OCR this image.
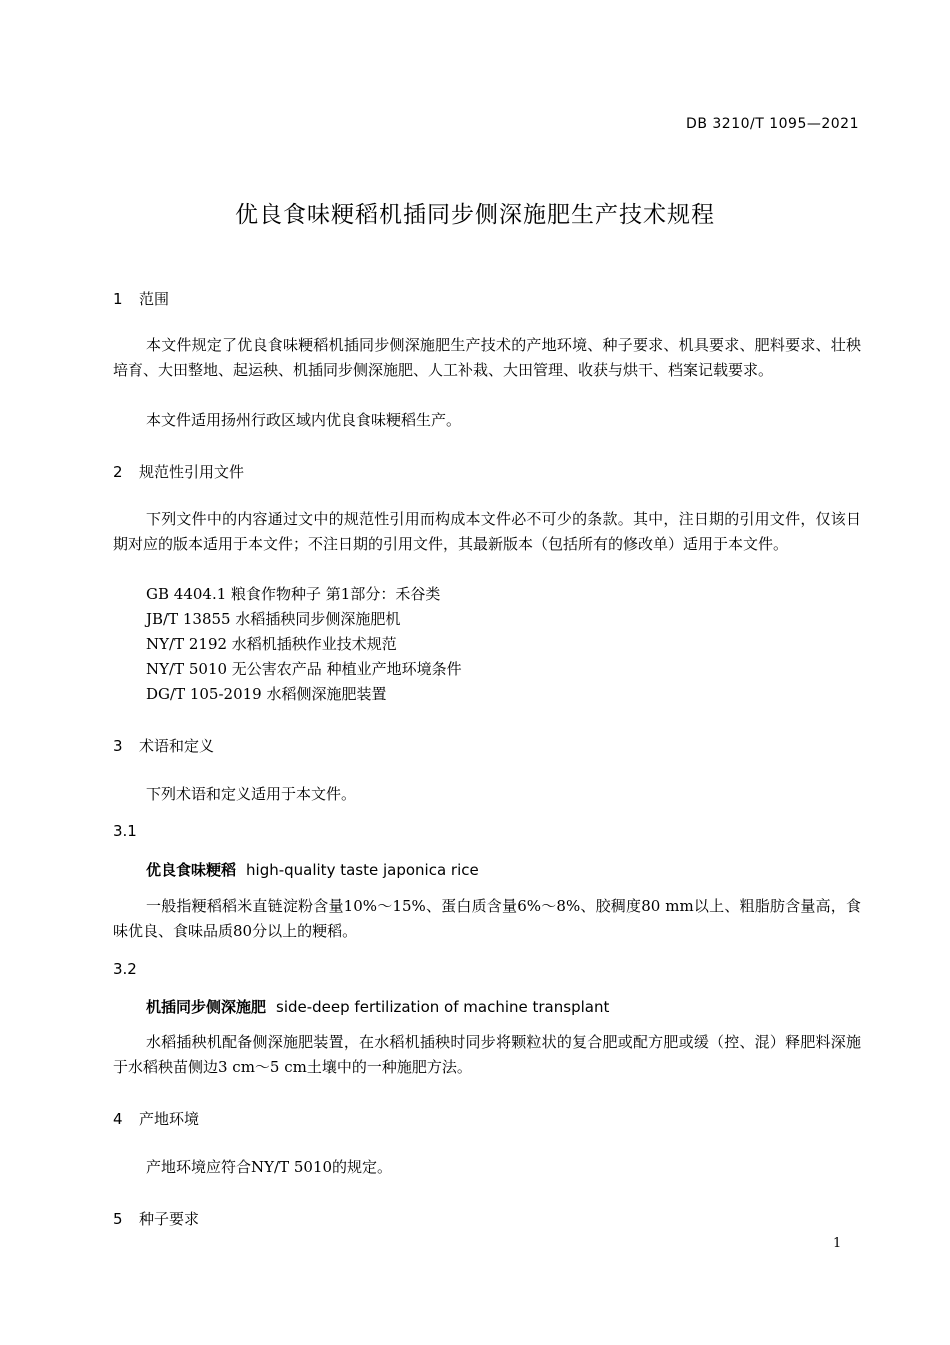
DB 3210/T 1095—2021
优良食味粳稻机插同步侧深施肥生产技术规程
1 范围

本文件规定了优良食味粳稻机插同步侧深施肥生产技术的产地环境、种子要求、机具要求、肥料要求、壮秧培育、大田整地、起运秧、机插同步侧深施肥、人工补栽、大田管理、收获与烘干、档案记载要求。

本文件适用扬州行政区域内优良食味粳稻生产。

2 规范性引用文件

下列文件中的内容通过文中的规范性引用而构成本文件必不可少的条款。其中，注日期的引用文件，仅该日期对应的版本适用于本文件；不注日期的引用文件，其最新版本（包括所有的修改单）适用于本文件。

GB 4404.1 粮食作物种子 第1部分：禾谷类
JB/T 13855 水稻插秧同步侧深施肥机
NY/T 2192 水稻机插秧作业技术规范
NY/T 5010 无公害农产品 种植业产地环境条件
DG/T 105-2019 水稻侧深施肥装置
3 术语和定义

下列术语和定义适用于本文件。

3.1
优良食味粳稻 high-quality taste japonica rice

一般指粳稻稻米直链淀粉含量10%～15%、蛋白质含量6%～8%、胶稠度80 mm以上、粗脂肪含量高，食味优良、食味品质80分以上的粳稻。

3.2
机插同步侧深施肥 side-deep fertilization of machine transplant

水稻插秧机配备侧深施肥装置，在水稻机插秧时同步将颗粒状的复合肥或配方肥或缓（控、混）释肥料深施于水稻秧苗侧边3 cm～5 cm土壤中的一种施肥方法。

4 产地环境

产地环境应符合NY/T 5010的规定。

5 种子要求
1
